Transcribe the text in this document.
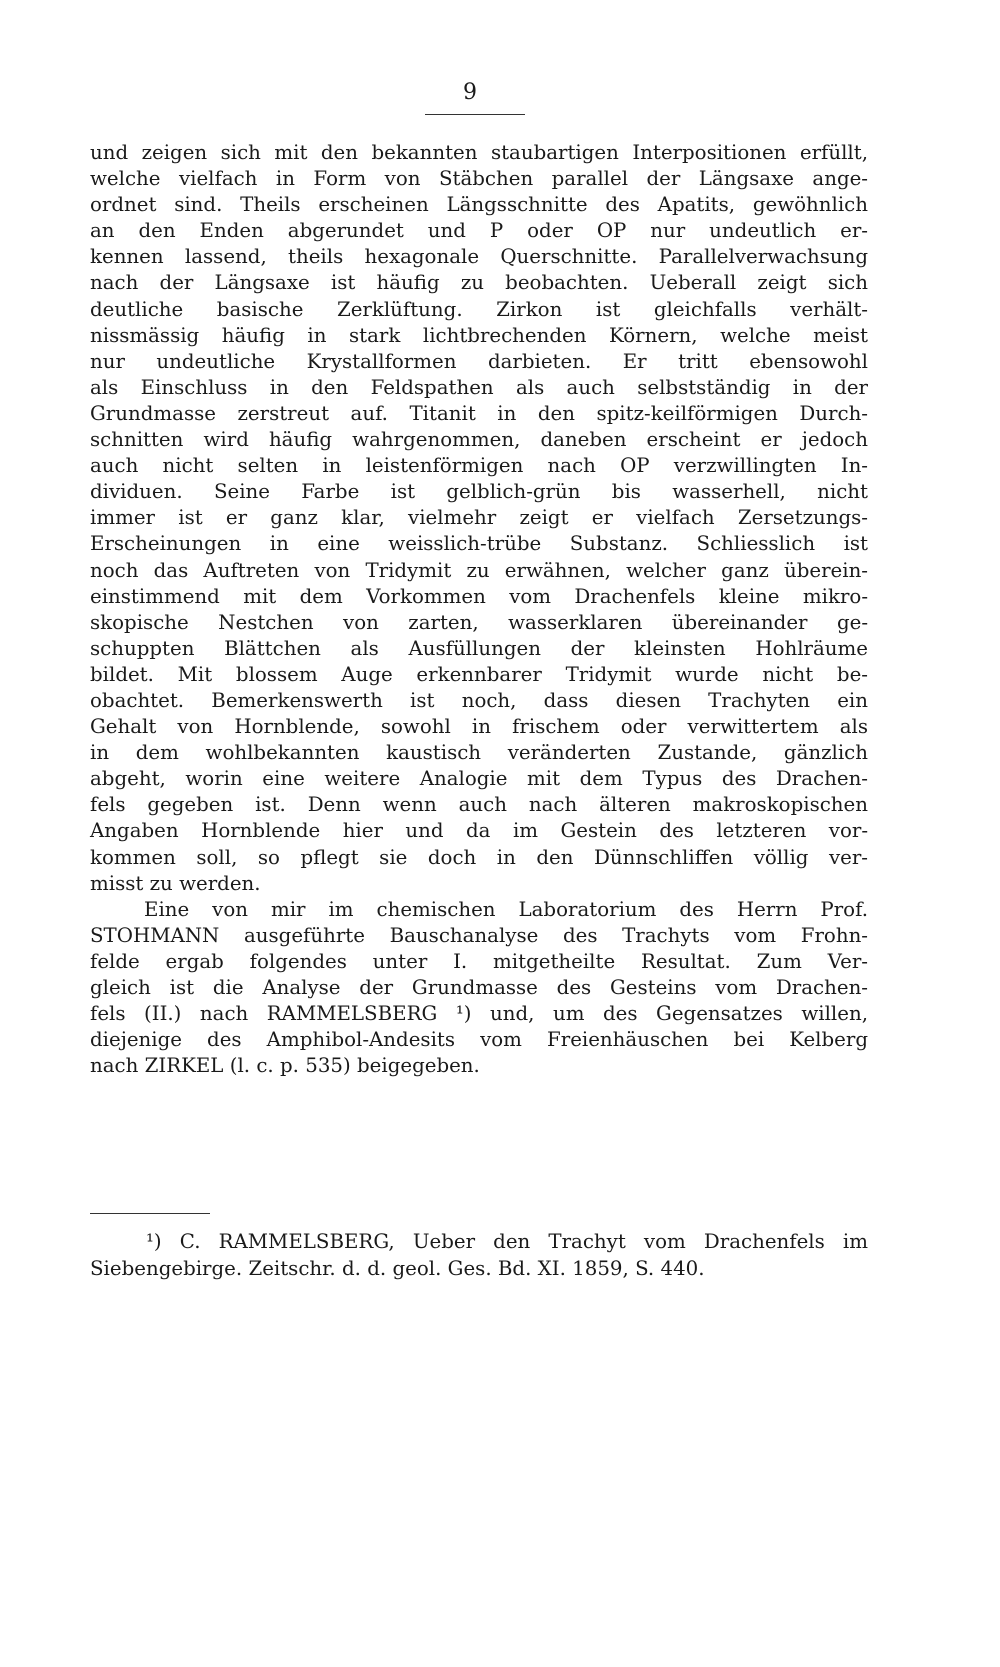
9
und zeigen sich mit den bekannten staubartigen Interpositionen erfüllt,
welche vielfach in Form von Stäbchen parallel der Längsaxe ange-
ordnet sind. Theils erscheinen Längsschnitte des Apatits, gewöhnlich
an den Enden abgerundet und P oder OP nur undeutlich er-
kennen lassend, theils hexagonale Querschnitte. Parallelverwachsung
nach der Längsaxe ist häufig zu beobachten. Ueberall zeigt sich
deutliche basische Zerklüftung. Zirkon ist gleichfalls verhält-
nissmässig häufig in stark lichtbrechenden Körnern, welche meist
nur undeutliche Krystallformen darbieten. Er tritt ebensowohl
als Einschluss in den Feldspathen als auch selbstständig in der
Grundmasse zerstreut auf. Titanit in den spitz-keilförmigen Durch-
schnitten wird häufig wahrgenommen, daneben erscheint er jedoch
auch nicht selten in leistenförmigen nach OP verzwillingten In-
dividuen. Seine Farbe ist gelblich-grün bis wasserhell, nicht
immer ist er ganz klar, vielmehr zeigt er vielfach Zersetzungs-
Erscheinungen in eine weisslich-trübe Substanz. Schliesslich ist
noch das Auftreten von Tridymit zu erwähnen, welcher ganz überein-
einstimmend mit dem Vorkommen vom Drachenfels kleine mikro-
skopische Nestchen von zarten, wasserklaren übereinander ge-
schuppten Blättchen als Ausfüllungen der kleinsten Hohlräume
bildet. Mit blossem Auge erkennbarer Tridymit wurde nicht be-
obachtet. Bemerkenswerth ist noch, dass diesen Trachyten ein
Gehalt von Hornblende, sowohl in frischem oder verwittertem als
in dem wohlbekannten kaustisch veränderten Zustande, gänzlich
abgeht, worin eine weitere Analogie mit dem Typus des Drachen-
fels gegeben ist. Denn wenn auch nach älteren makroskopischen
Angaben Hornblende hier und da im Gestein des letzteren vor-
kommen soll, so pflegt sie doch in den Dünnschliffen völlig ver-
misst zu werden.
Eine von mir im chemischen Laboratorium des Herrn Prof.
STOHMANN ausgeführte Bauschanalyse des Trachyts vom Frohn-
felde ergab folgendes unter I. mitgetheilte Resultat. Zum Ver-
gleich ist die Analyse der Grundmasse des Gesteins vom Drachen-
fels (II.) nach RAMMELSBERG ¹) und, um des Gegensatzes willen,
diejenige des Amphibol-Andesits vom Freienhäuschen bei Kelberg
nach ZIRKEL (l. c. p. 535) beigegeben.
¹) C. RAMMELSBERG, Ueber den Trachyt vom Drachenfels im
Siebengebirge. Zeitschr. d. d. geol. Ges. Bd. XI. 1859, S. 440.
